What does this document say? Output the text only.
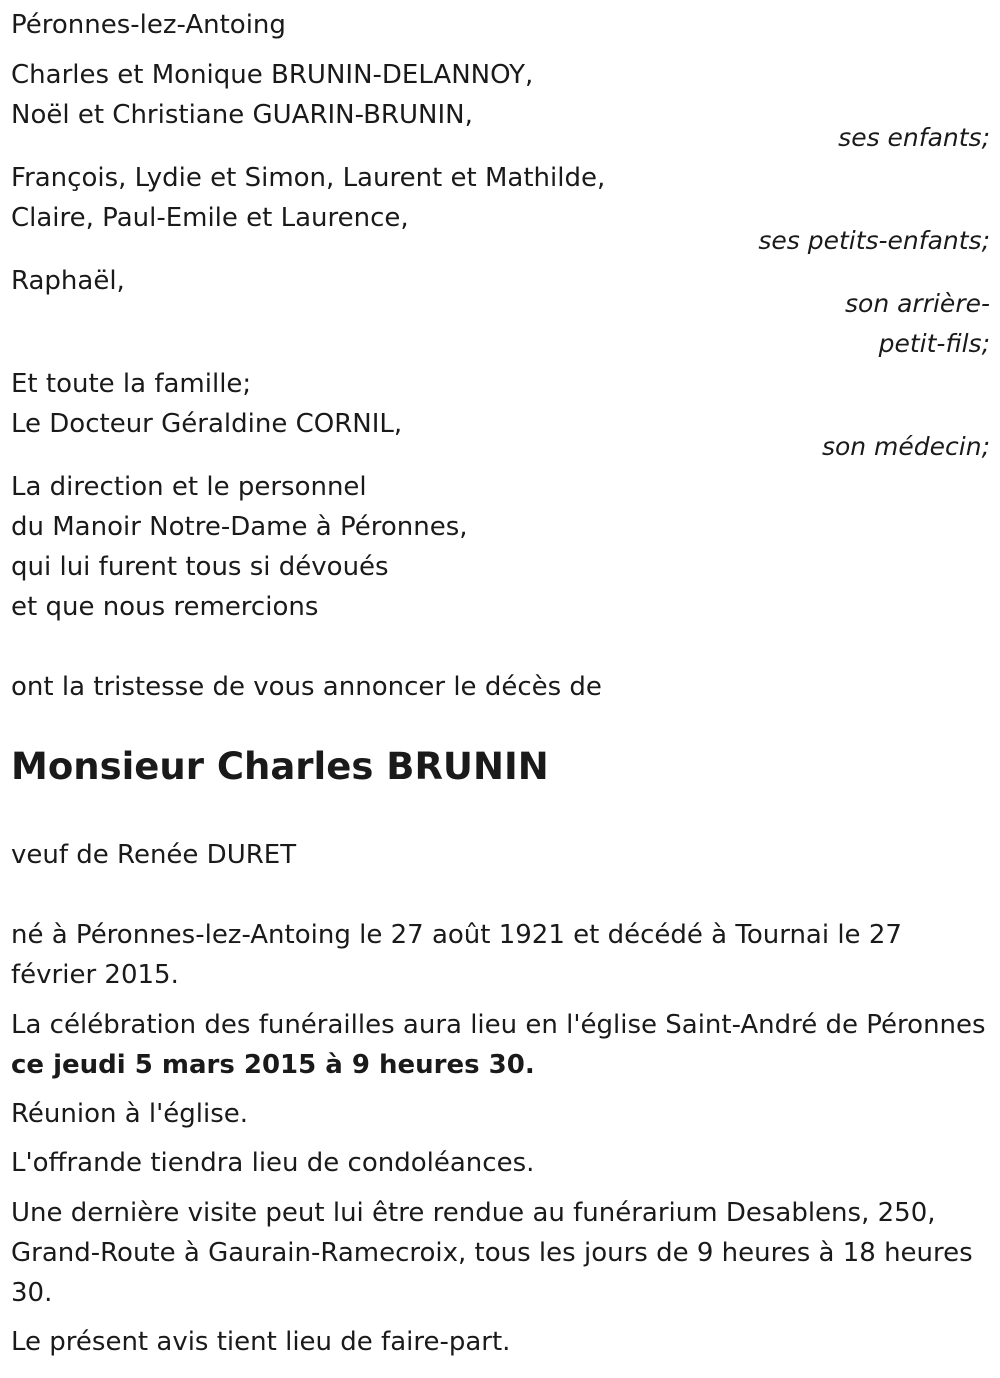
Péronnes-lez-Antoing
Charles et Monique BRUNIN-DELANNOY,
Noël et Christiane GUARIN-BRUNIN,
ses enfants;
François, Lydie et Simon, Laurent et Mathilde,
Claire, Paul-Emile et Laurence,
ses petits-enfants;
Raphaël,
son arrière-
petit-fils;
Et toute la famille;
Le Docteur Géraldine CORNIL,
son médecin;
La direction et le personnel
du Manoir Notre-Dame à Péronnes,
qui lui furent tous si dévoués
et que nous remercions
ont la tristesse de vous annoncer le décès de
Monsieur Charles BRUNIN
veuf de Renée DURET
né à Péronnes-lez-Antoing le 27 août 1921 et décédé à Tournai le 27 février 2015.
La célébration des funérailles aura lieu en l'église Saint-André de Péronnes ce jeudi 5 mars 2015 à 9 heures 30.
Réunion à l'église.
L'offrande tiendra lieu de condoléances.
Une dernière visite peut lui être rendue au funérarium Desablens, 250, Grand-Route à Gaurain-Ramecroix, tous les jours de 9 heures à 18 heures 30.
Le présent avis tient lieu de faire-part.
